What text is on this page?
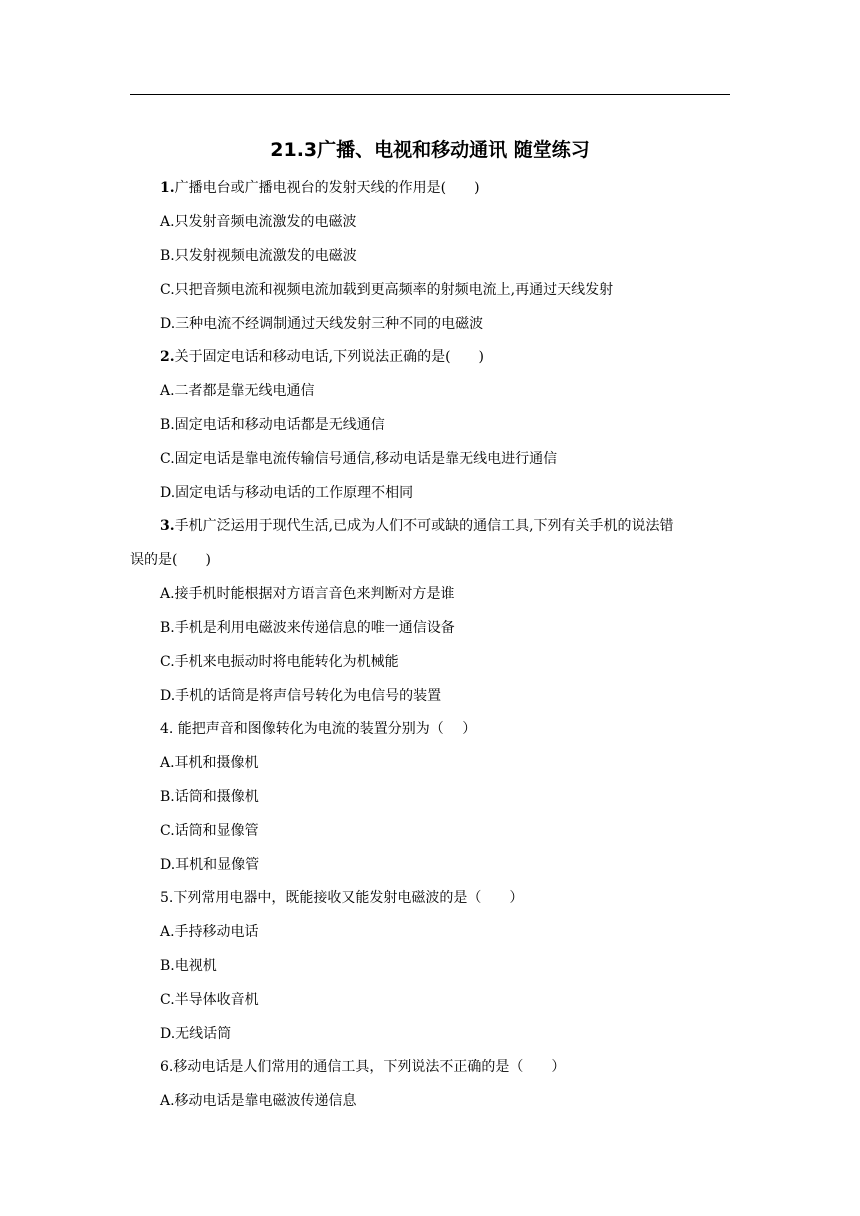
21.3广播、电视和移动通讯 随堂练习
1.广播电台或广播电视台的发射天线的作用是(　　)
A.只发射音频电流激发的电磁波
B.只发射视频电流激发的电磁波
C.只把音频电流和视频电流加载到更高频率的射频电流上,再通过天线发射
D.三种电流不经调制通过天线发射三种不同的电磁波
2.关于固定电话和移动电话,下列说法正确的是(　　)
A.二者都是靠无线电通信
B.固定电话和移动电话都是无线通信
C.固定电话是靠电流传输信号通信,移动电话是靠无线电进行通信
D.固定电话与移动电话的工作原理不相同
3.手机广泛运用于现代生活,已成为人们不可或缺的通信工具,下列有关手机的说法错
误的是(　　)
A.接手机时能根据对方语言音色来判断对方是谁
B.手机是利用电磁波来传递信息的唯一通信设备
C.手机来电振动时将电能转化为机械能
D.手机的话筒是将声信号转化为电信号的装置
4. 能把声音和图像转化为电流的装置分别为（　 ）
A.耳机和摄像机
B.话筒和摄像机
C.话筒和显像管
D.耳机和显像管
5.下列常用电器中，既能接收又能发射电磁波的是（　　）
A.手持移动电话
B.电视机
C.半导体收音机
D.无线话筒
6.移动电话是人们常用的通信工具，下列说法不正确的是（　　）
A.移动电话是靠电磁波传递信息
